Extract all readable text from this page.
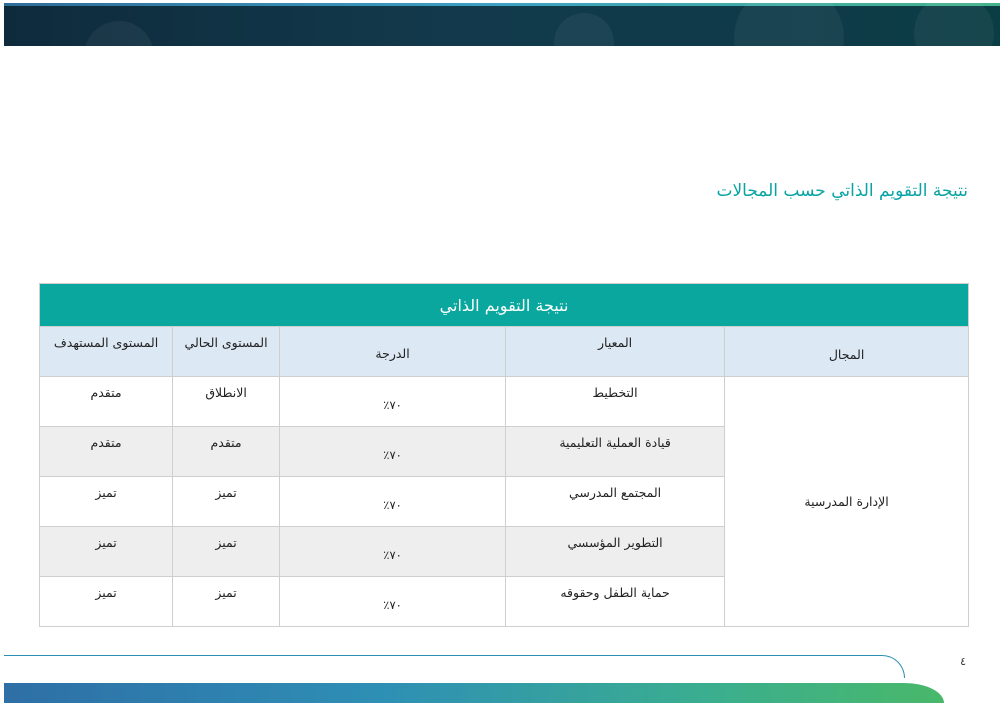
نتيجة التقويم الذاتي حسب المجالات
نتيجة التقويم الذاتي				
المجال	المعيار	الدرجة	المستوى الحالي	المستوى المستهدف
الإدارة المدرسية	التخطيط	٧٠٪	الانطلاق	متقدم
	قيادة العملية التعليمية	٧٠٪	متقدم	متقدم
	المجتمع المدرسي	٧٠٪	تميز	تميز
	التطوير المؤسسي	٧٠٪	تميز	تميز
	حماية الطفل وحقوقه	٧٠٪	تميز	تميز
٤
